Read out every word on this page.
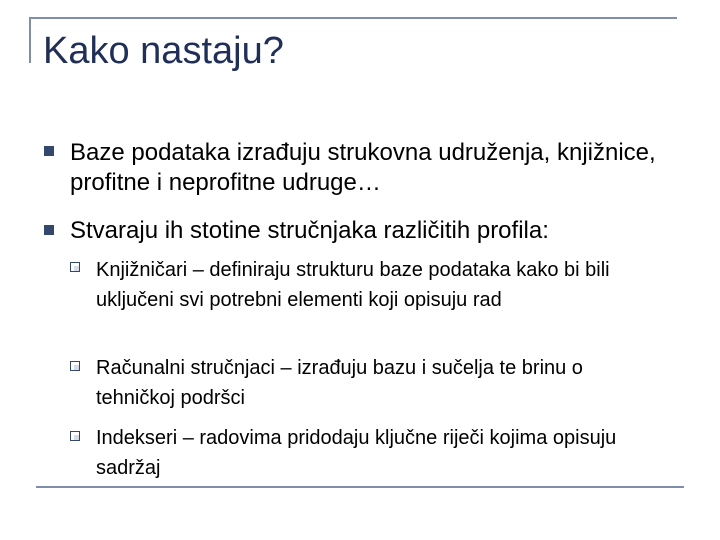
Kako nastaju?
Baze podataka izrađuju strukovna udruženja, knjižnice, profitne i neprofitne udruge…
Stvaraju ih stotine stručnjaka različitih profila:
Knjižničari – definiraju strukturu baze podataka kako bi bili uključeni svi potrebni elementi koji opisuju rad
Računalni stručnjaci – izrađuju bazu i sučelja te brinu o tehničkoj podršci
Indekseri – radovima pridodaju ključne riječi kojima opisuju sadržaj
